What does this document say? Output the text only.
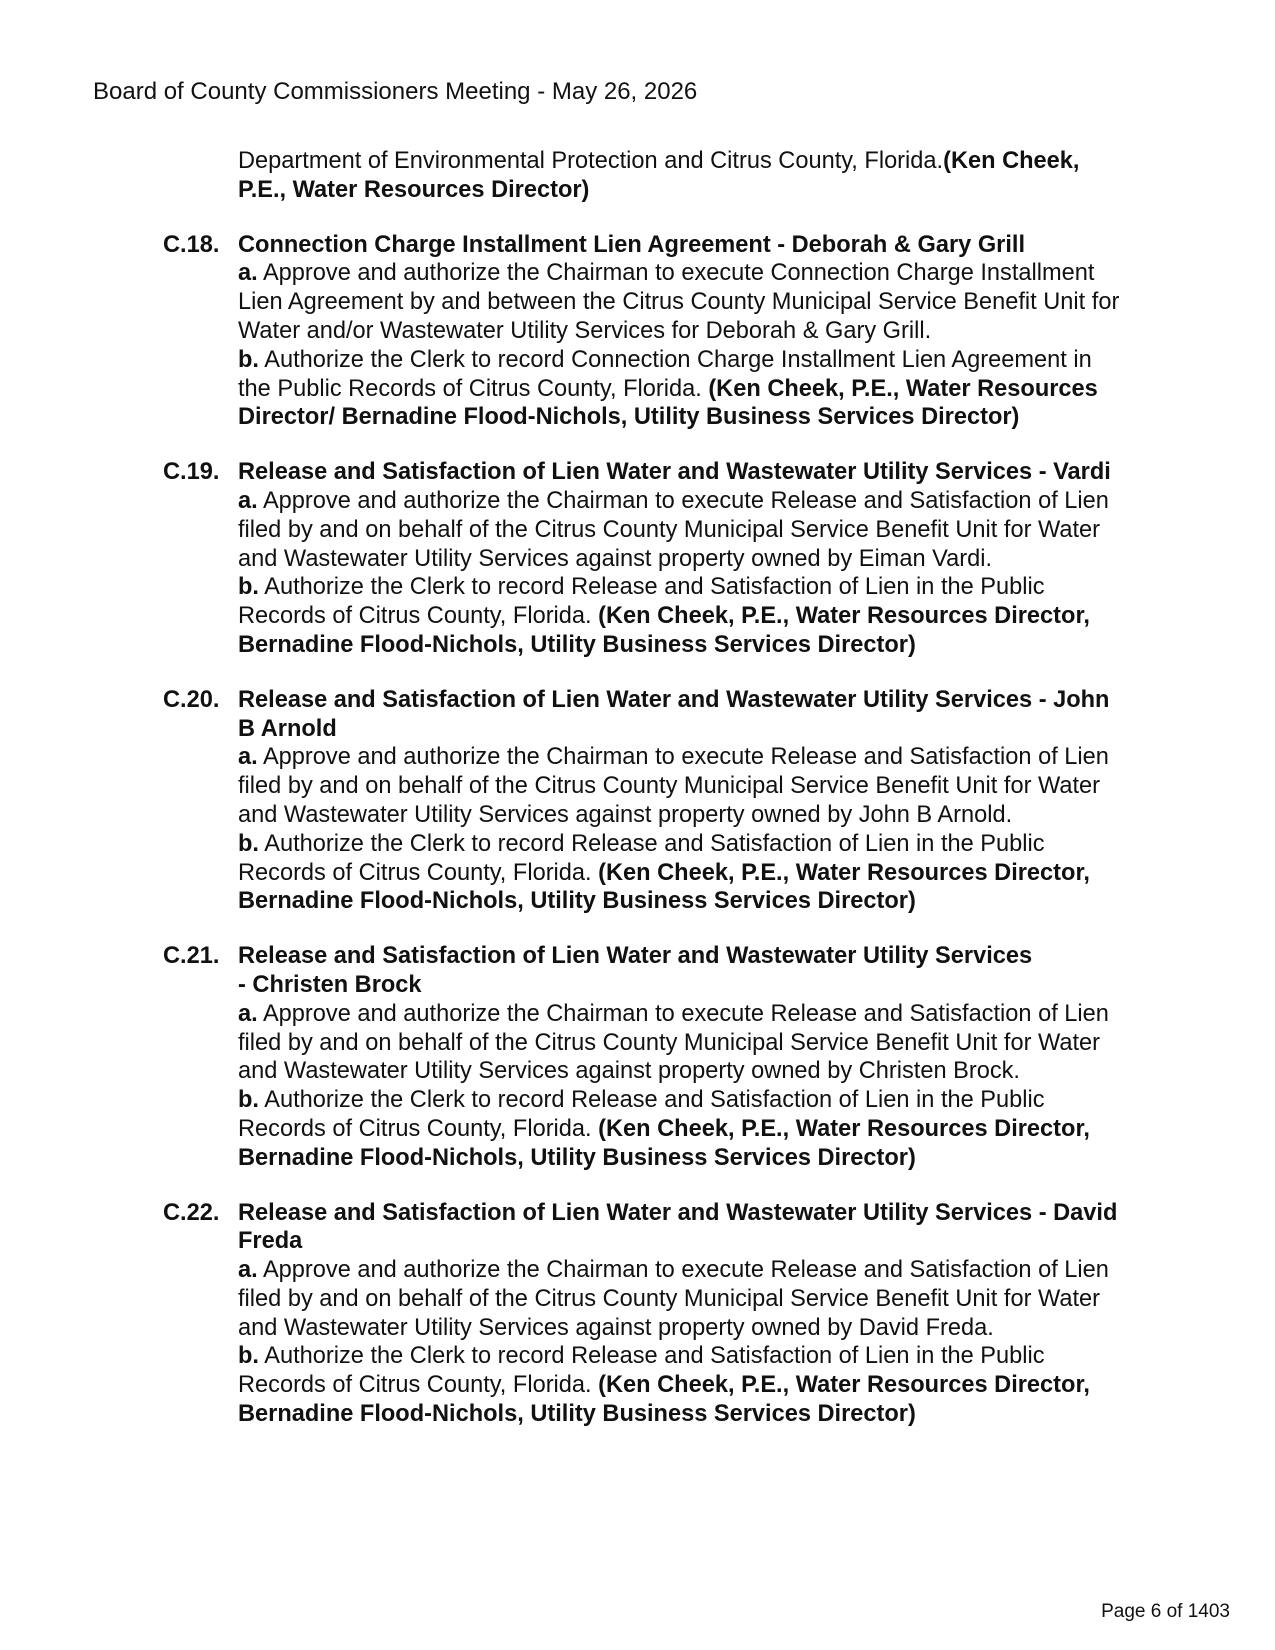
Board of County Commissioners Meeting - May 26, 2026
Department of Environmental Protection and Citrus County, Florida.(Ken Cheek,
P.E., Water Resources Director)
C.18. Connection Charge Installment Lien Agreement - Deborah & Gary Grill
a. Approve and authorize the Chairman to execute Connection Charge Installment
Lien Agreement by and between the Citrus County Municipal Service Benefit Unit for
Water and/or Wastewater Utility Services for Deborah & Gary Grill.
b. Authorize the Clerk to record Connection Charge Installment Lien Agreement in
the Public Records of Citrus County, Florida. (Ken Cheek, P.E., Water Resources
Director/ Bernadine Flood-Nichols, Utility Business Services Director)
C.19. Release and Satisfaction of Lien Water and Wastewater Utility Services - Vardi
a. Approve and authorize the Chairman to execute Release and Satisfaction of Lien
filed by and on behalf of the Citrus County Municipal Service Benefit Unit for Water
and Wastewater Utility Services against property owned by Eiman Vardi.
b. Authorize the Clerk to record Release and Satisfaction of Lien in the Public
Records of Citrus County, Florida. (Ken Cheek, P.E., Water Resources Director,
Bernadine Flood-Nichols, Utility Business Services Director)
C.20. Release and Satisfaction of Lien Water and Wastewater Utility Services - John
B Arnold
a. Approve and authorize the Chairman to execute Release and Satisfaction of Lien
filed by and on behalf of the Citrus County Municipal Service Benefit Unit for Water
and Wastewater Utility Services against property owned by John B Arnold.
b. Authorize the Clerk to record Release and Satisfaction of Lien in the Public
Records of Citrus County, Florida. (Ken Cheek, P.E., Water Resources Director,
Bernadine Flood-Nichols, Utility Business Services Director)
C.21. Release and Satisfaction of Lien Water and Wastewater Utility Services
- Christen Brock
a. Approve and authorize the Chairman to execute Release and Satisfaction of Lien
filed by and on behalf of the Citrus County Municipal Service Benefit Unit for Water
and Wastewater Utility Services against property owned by Christen Brock.
b. Authorize the Clerk to record Release and Satisfaction of Lien in the Public
Records of Citrus County, Florida. (Ken Cheek, P.E., Water Resources Director,
Bernadine Flood-Nichols, Utility Business Services Director)
C.22. Release and Satisfaction of Lien Water and Wastewater Utility Services - David
Freda
a. Approve and authorize the Chairman to execute Release and Satisfaction of Lien
filed by and on behalf of the Citrus County Municipal Service Benefit Unit for Water
and Wastewater Utility Services against property owned by David Freda.
b. Authorize the Clerk to record Release and Satisfaction of Lien in the Public
Records of Citrus County, Florida. (Ken Cheek, P.E., Water Resources Director,
Bernadine Flood-Nichols, Utility Business Services Director)
Page 6 of 1403
